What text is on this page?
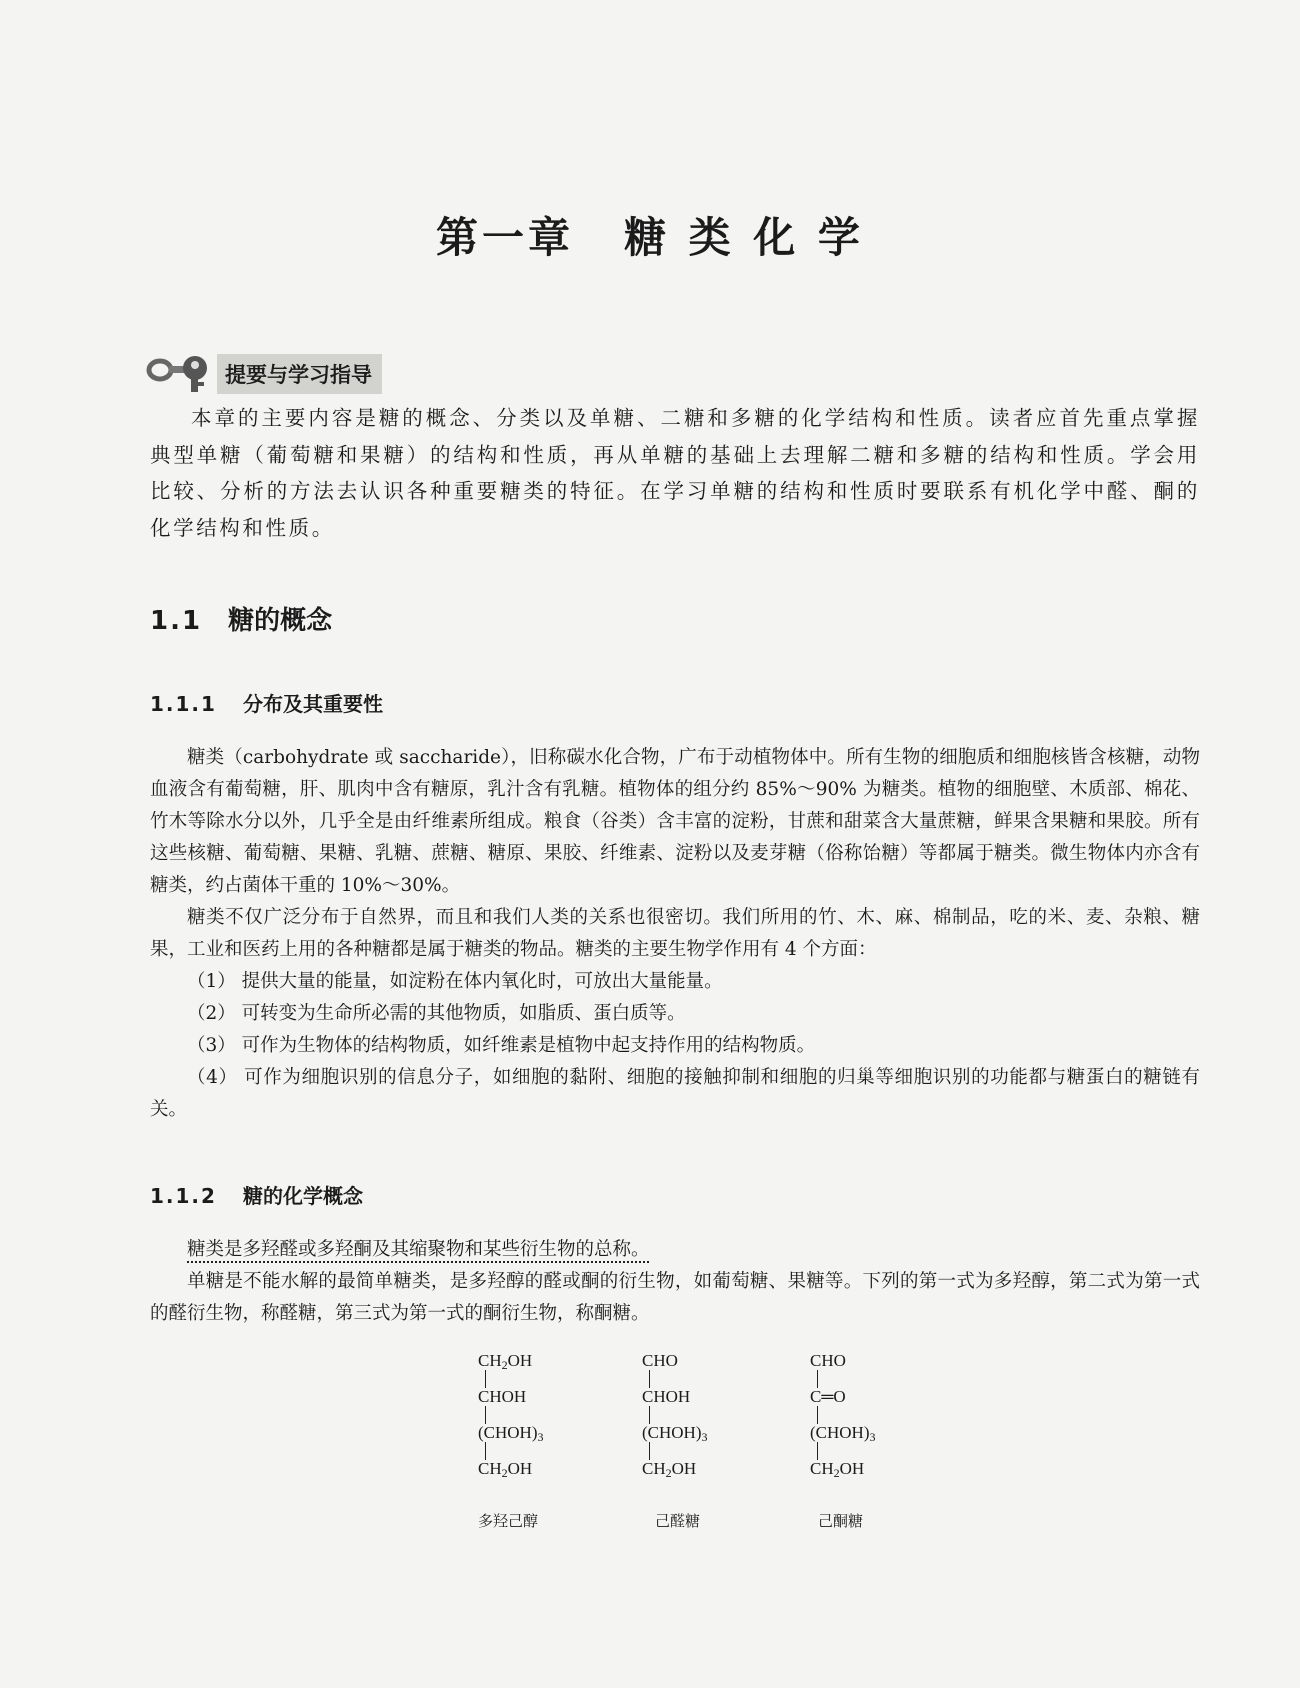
第一章 糖 类 化 学
提要与学习指导

本章的主要内容是糖的概念、分类以及单糖、二糖和多糖的化学结构和性质。读者应首先重点掌握典型单糖（葡萄糖和果糖）的结构和性质，再从单糖的基础上去理解二糖和多糖的结构和性质。学会用比较、分析的方法去认识各种重要糖类的特征。在学习单糖的结构和性质时要联系有机化学中醛、酮的化学结构和性质。

1.1 糖的概念
1.1.1 分布及其重要性

糖类（carbohydrate 或 saccharide），旧称碳水化合物，广布于动植物体中。所有生物的细胞质和细胞核皆含核糖，动物血液含有葡萄糖，肝、肌肉中含有糖原，乳汁含有乳糖。植物体的组分约 85%～90% 为糖类。植物的细胞壁、木质部、棉花、竹木等除水分以外，几乎全是由纤维素所组成。粮食（谷类）含丰富的淀粉，甘蔗和甜菜含大量蔗糖，鲜果含果糖和果胶。所有这些核糖、葡萄糖、果糖、乳糖、蔗糖、糖原、果胶、纤维素、淀粉以及麦芽糖（俗称饴糖）等都属于糖类。微生物体内亦含有糖类，约占菌体干重的 10%～30%。

糖类不仅广泛分布于自然界，而且和我们人类的关系也很密切。我们所用的竹、木、麻、棉制品，吃的米、麦、杂粮、糖果，工业和医药上用的各种糖都是属于糖类的物品。糖类的主要生物学作用有 4 个方面：

（1） 提供大量的能量，如淀粉在体内氧化时，可放出大量能量。

（2） 可转变为生命所必需的其他物质，如脂质、蛋白质等。

（3） 可作为生物体的结构物质，如纤维素是植物中起支持作用的结构物质。

（4） 可作为细胞识别的信息分子，如细胞的黏附、细胞的接触抑制和细胞的归巢等细胞识别的功能都与糖蛋白的糖链有关。

1.1.2 糖的化学概念

糖类是多羟醛或多羟酮及其缩聚物和某些衍生物的总称。

单糖是不能水解的最简单糖类，是多羟醇的醛或酮的衍生物，如葡萄糖、果糖等。下列的第一式为多羟醇，第二式为第一式的醛衍生物，称醛糖，第三式为第一式的酮衍生物，称酮糖。

$CH_2OH$
CHOH
$(CHOH)_3$
$CH_2OH$
CHO
CHOH
$(CHOH)_3$
$CH_2OH$
CHO
C═O
$(CHOH)_3$
$CH_2OH$
多羟己醇	己醛糖	己酮糖
